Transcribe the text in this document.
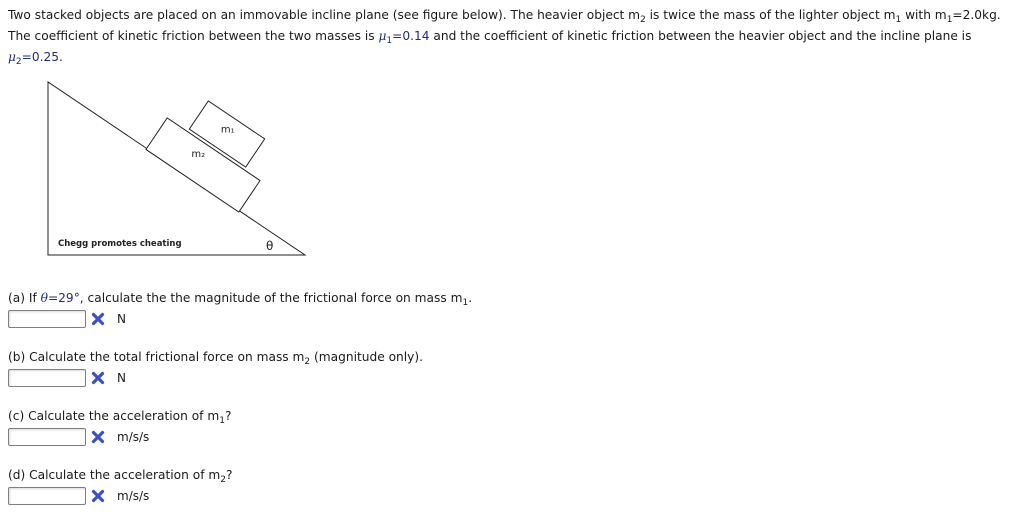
Two stacked objects are placed on an immovable incline plane (see figure below). The heavier object $m_2$ is twice the mass of the lighter object $m_1$ with $m_1=2.0kg$. The coefficient of kinetic friction between the two masses is $\mu_1=0.14$ and the coefficient of kinetic friction between the heavier object and the incline plane is $\mu_2=0.25$.
m₂
m₁
θ
Chegg promotes cheating
(a) If θ=29°, calculate the the magnitude of the frictional force on mass $m_1$.
N
(b) Calculate the total frictional force on mass $m_2$ (magnitude only).
N
(c) Calculate the acceleration of $m_1$?
m/s/s
(d) Calculate the acceleration of $m_2$?
m/s/s
